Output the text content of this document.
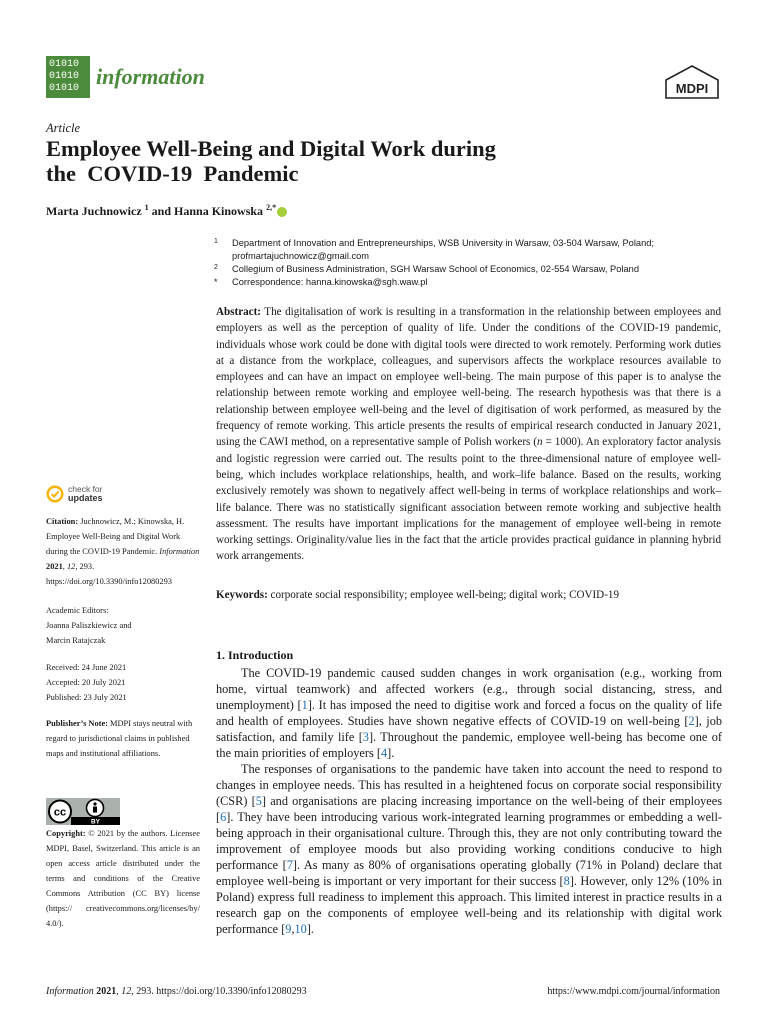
01010
01010
01010 information	MDPI
Article
Employee Well-Being and Digital Work during
the  COVID-19  Pandemic
Marta Juchnowicz $^1$ and Hanna Kinowska $^{2,*}$
1 Department of Innovation and Entrepreneurships, WSB University in Warsaw, 03-504 Warsaw, Poland; profmartajuchnowicz@gmail.com
2 Collegium of Business Administration, SGH Warsaw School of Economics, 02-554 Warsaw, Poland
* Correspondence: hanna.kinowska@sgh.waw.pl
Abstract: The digitalisation of work is resulting in a transformation in the relationship between employees and employers as well as the perception of quality of life. Under the conditions of the COVID-19 pandemic, individuals whose work could be done with digital tools were directed to work remotely. Performing work duties at a distance from the workplace, colleagues, and supervisors affects the workplace resources available to employees and can have an impact on employee well-being. The main purpose of this paper is to analyse the relationship between remote working and employee well-being. The research hypothesis was that there is a relationship between employee well-being and the level of digitisation of work performed, as measured by the frequency of remote working. This article presents the results of empirical research conducted in January 2021, using the CAWI method, on a representative sample of Polish workers (n = 1000). An exploratory factor analysis and logistic regression were carried out. The results point to the three-dimensional nature of employee well-being, which includes workplace relationships, health, and work–life balance. Based on the results, working exclusively remotely was shown to negatively affect well-being in terms of workplace relationships and work–life balance. There was no statistically significant association between remote working and subjective health assessment. The results have important implications for the management of employee well-being in remote working settings. Originality/value lies in the fact that the article provides practical guidance in planning hybrid work arrangements.
Keywords: corporate social responsibility; employee well-being; digital work; COVID-19
check for
updates
Citation: Juchnowicz, M.; Kinowska, H. Employee Well-Being and Digital Work during the COVID-19 Pandemic. Information 2021, 12, 293. https://doi.org/10.3390/info12080293
Academic Editors:
Joanna Paliszkiewicz and
Marcin Ratajczak
Received: 24 June 2021
Accepted: 20 July 2021
Published: 23 July 2021
Publisher’s Note: MDPI stays neutral with regard to jurisdictional claims in published maps and institutional affiliations.
cc
BY
Copyright: © 2021 by the authors. Licensee MDPI, Basel, Switzerland. This article is an open access article distributed under the terms and conditions of the Creative Commons Attribution (CC BY) license (https:// creativecommons.org/licenses/by/ 4.0/).
1. Introduction

The COVID-19 pandemic caused sudden changes in work organisation (e.g., working from home, virtual teamwork) and affected workers (e.g., through social distancing, stress, and unemployment) [1]. It has imposed the need to digitise work and forced a focus on the quality of life and health of employees. Studies have shown negative effects of COVID-19 on well-being [2], job satisfaction, and family life [3]. Throughout the pandemic, employee well-being has become one of the main priorities of employers [4].

The responses of organisations to the pandemic have taken into account the need to respond to changes in employee needs. This has resulted in a heightened focus on corporate social responsibility (CSR) [5] and organisations are placing increasing importance on the well-being of their employees [6]. They have been introducing various work-integrated learning programmes or embedding a well-being approach in their organisational culture. Through this, they are not only contributing toward the improvement of employee moods but also providing working conditions conducive to high performance [7]. As many as 80% of organisations operating globally (71% in Poland) declare that employee well-being is important or very important for their success [8]. However, only 12% (10% in Poland) express full readiness to implement this approach. This limited interest in practice results in a research gap on the components of employee well-being and its relationship with digital work performance [9,10].

Information 2021, 12, 293. https://doi.org/10.3390/info12080293	https://www.mdpi.com/journal/information
